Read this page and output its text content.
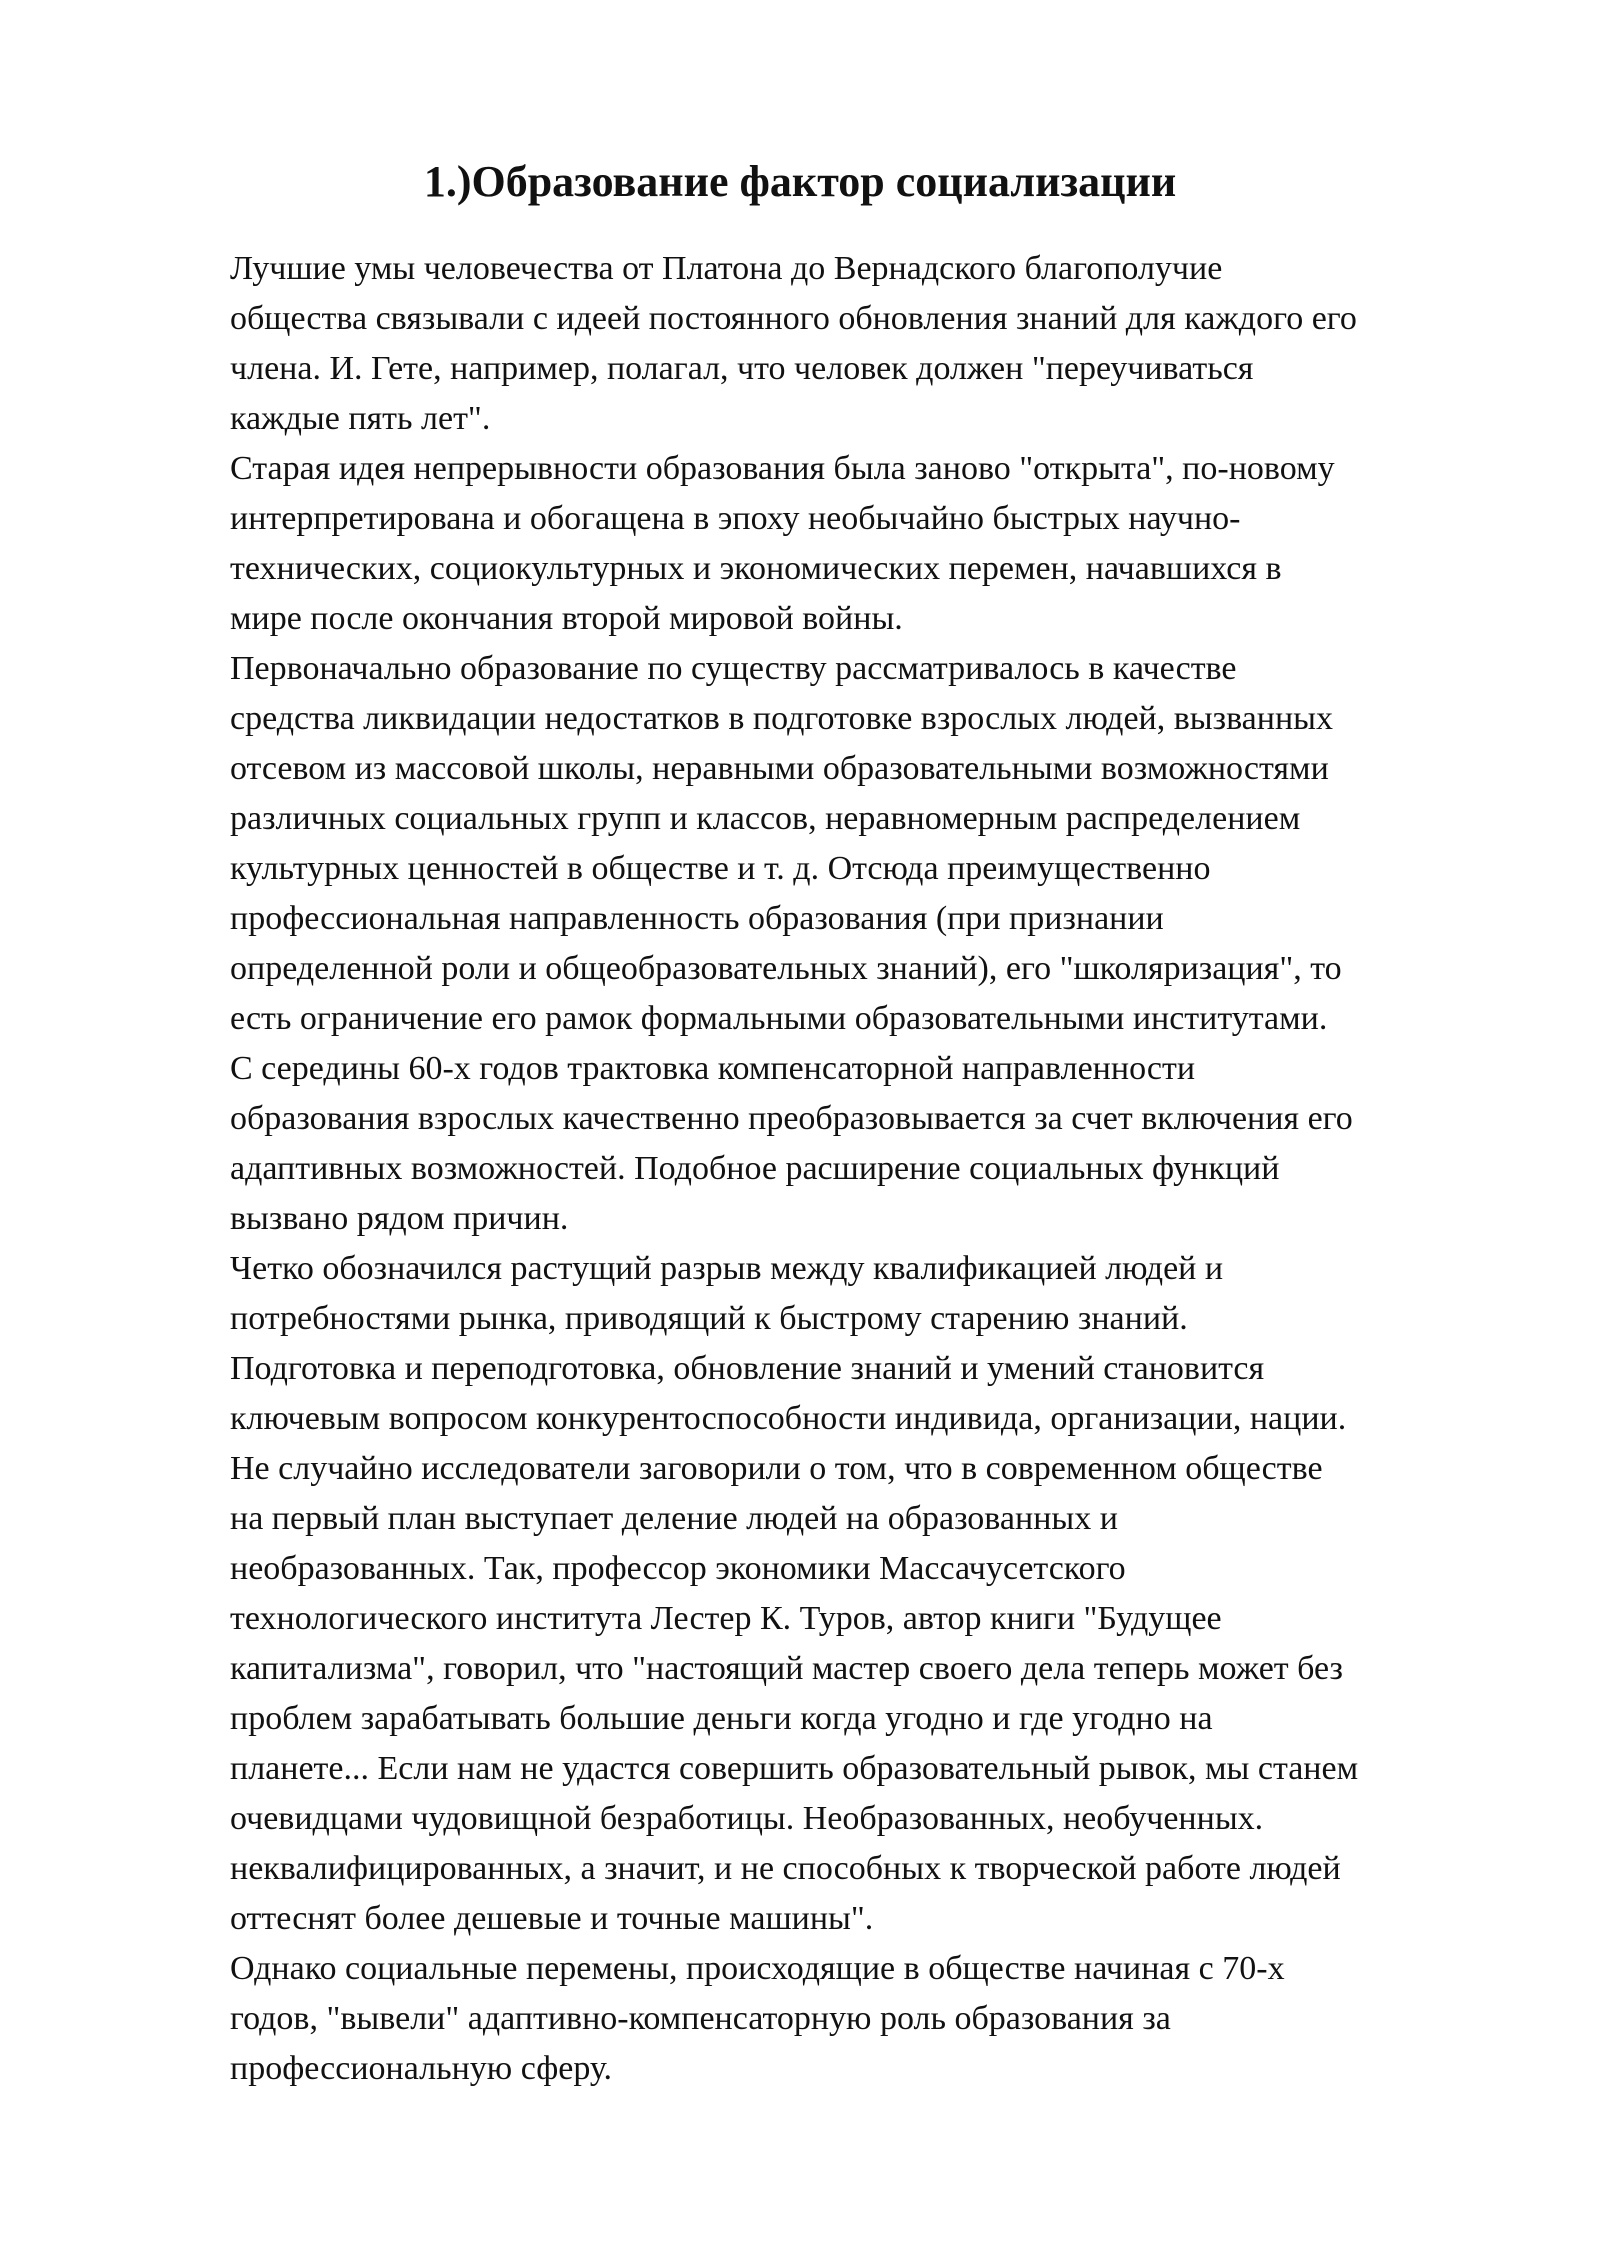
1.)Образование фактор социализации
Лучшие умы человечества от Платона до Вернадского благополучие
общества связывали с идеей постоянного обновления знаний для каждого его
члена. И. Гете, например, полагал, что человек должен "переучиваться
каждые пять лет".
Старая идея непрерывности образования была заново "открыта", по-новому
интерпретирована и обогащена в эпоху необычайно быстрых научно-
технических, социокультурных и экономических перемен, начавшихся в
мире после окончания второй мировой войны.
Первоначально образование по существу рассматривалось в качестве
средства ликвидации недостатков в подготовке взрослых людей, вызванных
отсевом из массовой школы, неравными образовательными возможностями
различных социальных групп и классов, неравномерным распределением
культурных ценностей в обществе и т. д. Отсюда преимущественно
профессиональная направленность образования (при признании
определенной роли и общеобразовательных знаний), его "школяризация", то
есть ограничение его рамок формальными образовательными институтами.
С середины 60-х годов трактовка компенсаторной направленности
образования взрослых качественно преобразовывается за счет включения его
адаптивных возможностей. Подобное расширение социальных функций
вызвано рядом причин.
Четко обозначился растущий разрыв между квалификацией людей и
потребностями рынка, приводящий к быстрому старению знаний.
Подготовка и переподготовка, обновление знаний и умений становится
ключевым вопросом конкурентоспособности индивида, организации, нации.
Не случайно исследователи заговорили о том, что в современном обществе
на первый план выступает деление людей на образованных и
необразованных. Так, профессор экономики Массачусетского
технологического института Лестер К. Туров, автор книги "Будущее
капитализма", говорил, что "настоящий мастер своего дела теперь может без
проблем зарабатывать большие деньги когда угодно и где угодно на
планете... Если нам не удастся совершить образовательный рывок, мы станем
очевидцами чудовищной безработицы. Необразованных, необученных.
неквалифицированных, а значит, и не способных к творческой работе людей
оттеснят более дешевые и точные машины".
Однако социальные перемены, происходящие в обществе начиная с 70-х
годов, "вывели" адаптивно-компенсаторную роль образования за
профессиональную сферу.
